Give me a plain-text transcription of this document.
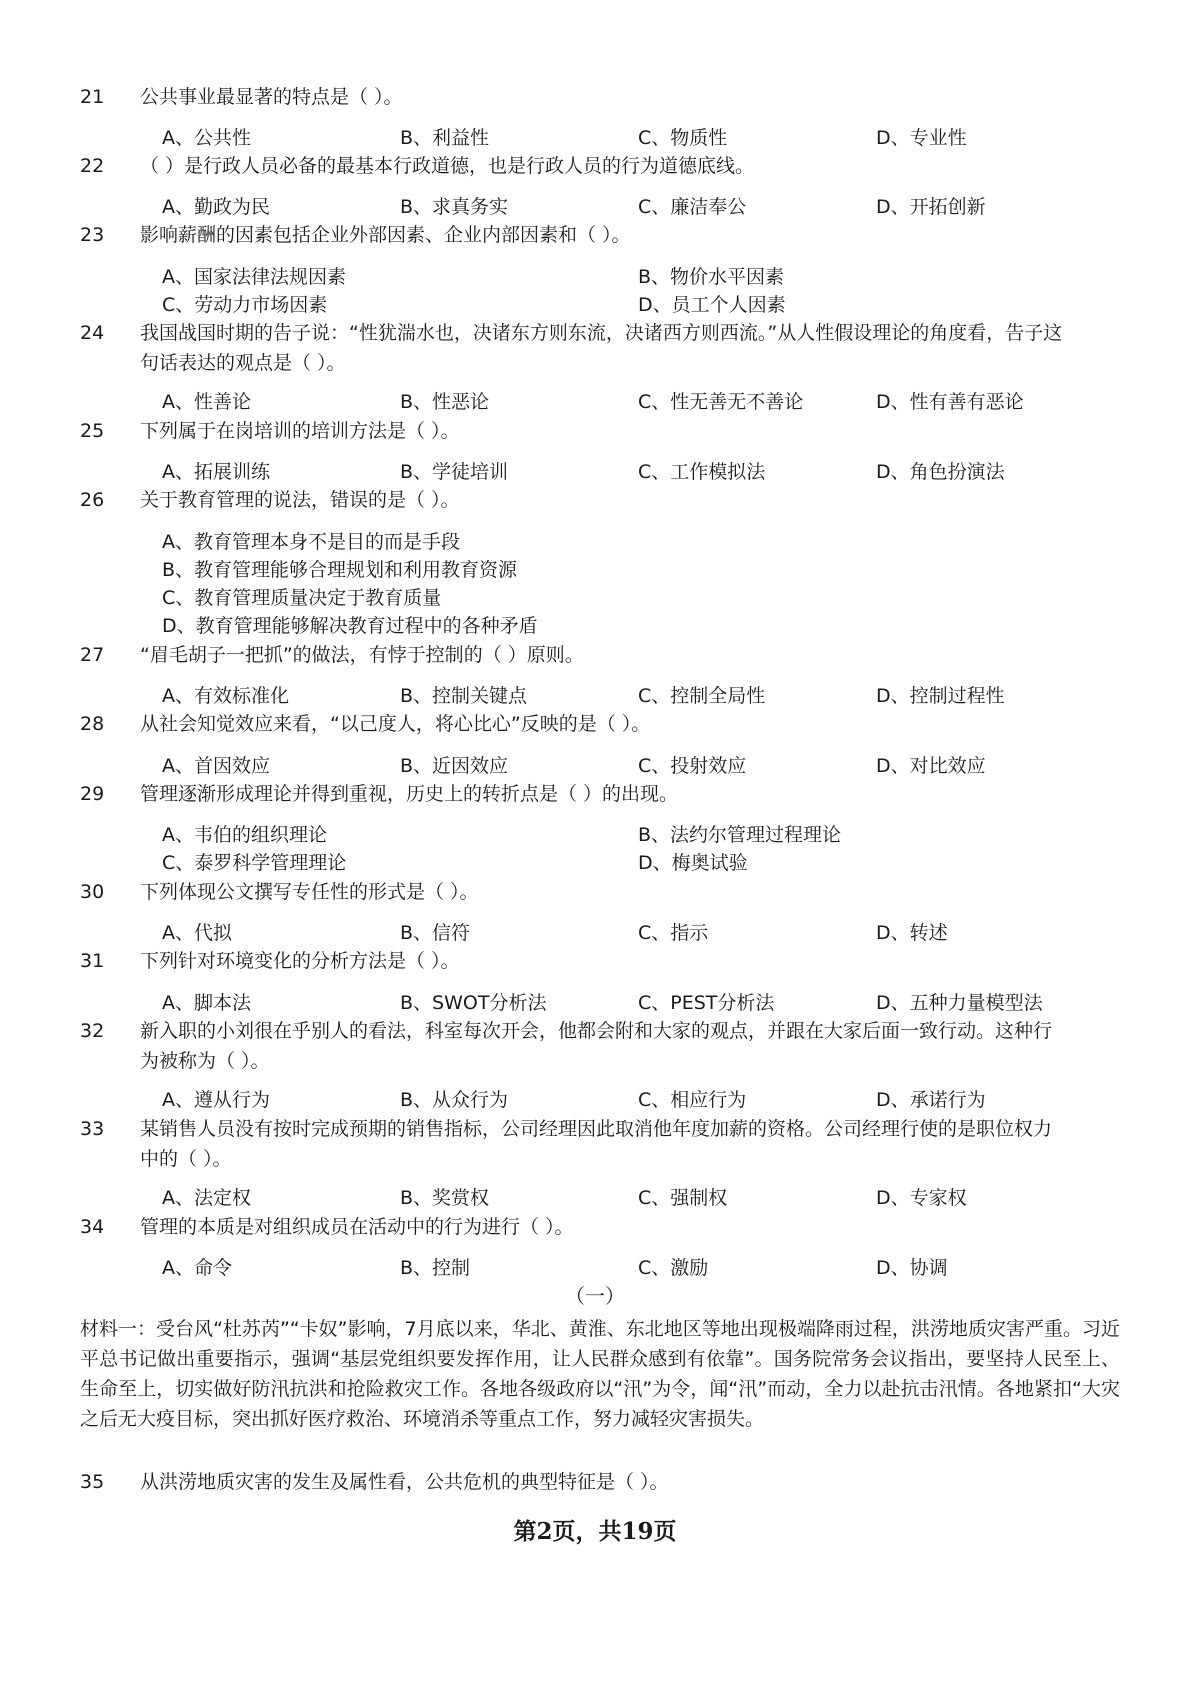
21	公共事业最显著的特点是（ ）。
A、公共性	B、利益性	C、物质性	D、专业性
22	（ ）是行政人员必备的最基本行政道德，也是行政人员的行为道德底线。
A、勤政为民	B、求真务实	C、廉洁奉公	D、开拓创新
23	影响薪酬的因素包括企业外部因素、企业内部因素和（ ）。
A、国家法律法规因素	B、物价水平因素
C、劳动力市场因素	D、员工个人因素
24	我国战国时期的告子说：“性犹湍水也，决诸东方则东流，决诸西方则西流。”从人性假设理论的角度看，告子这句话表达的观点是（ ）。
A、性善论	B、性恶论	C、性无善无不善论	D、性有善有恶论
25	下列属于在岗培训的培训方法是（ ）。
A、拓展训练	B、学徒培训	C、工作模拟法	D、角色扮演法
26	关于教育管理的说法，错误的是（ ）。
A、教育管理本身不是目的而是手段
B、教育管理能够合理规划和利用教育资源
C、教育管理质量决定于教育质量
D、教育管理能够解决教育过程中的各种矛盾
27	“眉毛胡子一把抓”的做法，有悖于控制的（ ）原则。
A、有效标准化	B、控制关键点	C、控制全局性	D、控制过程性
28	从社会知觉效应来看，“以己度人，将心比心”反映的是（ ）。
A、首因效应	B、近因效应	C、投射效应	D、对比效应
29	管理逐渐形成理论并得到重视，历史上的转折点是（ ）的出现。
A、韦伯的组织理论	B、法约尔管理过程理论
C、泰罗科学管理理论	D、梅奥试验
30	下列体现公文撰写专任性的形式是（ ）。
A、代拟	B、信符	C、指示	D、转述
31	下列针对环境变化的分析方法是（ ）。
A、脚本法	B、SWOT分析法	C、PEST分析法	D、五种力量模型法
32	新入职的小刘很在乎别人的看法，科室每次开会，他都会附和大家的观点，并跟在大家后面一致行动。这种行为被称为（ ）。
A、遵从行为	B、从众行为	C、相应行为	D、承诺行为
33	某销售人员没有按时完成预期的销售指标，公司经理因此取消他年度加薪的资格。公司经理行使的是职位权力中的（ ）。
A、法定权	B、奖赏权	C、强制权	D、专家权
34	管理的本质是对组织成员在活动中的行为进行（ ）。
A、命令	B、控制	C、激励	D、协调
（一）
材料一：受台风“杜苏芮”“卡奴”影响，7月底以来，华北、黄淮、东北地区等地出现极端降雨过程，洪涝地质灾害严重。习近平总书记做出重要指示，强调“基层党组织要发挥作用，让人民群众感到有依靠”。国务院常务会议指出，要坚持人民至上、生命至上，切实做好防汛抗洪和抢险救灾工作。各地各级政府以“汛”为令，闻“汛”而动，全力以赴抗击汛情。各地紧扣“大灾之后无大疫目标，突出抓好医疗救治、环境消杀等重点工作，努力减轻灾害损失。
35	从洪涝地质灾害的发生及属性看，公共危机的典型特征是（ ）。
第2页，共19页
